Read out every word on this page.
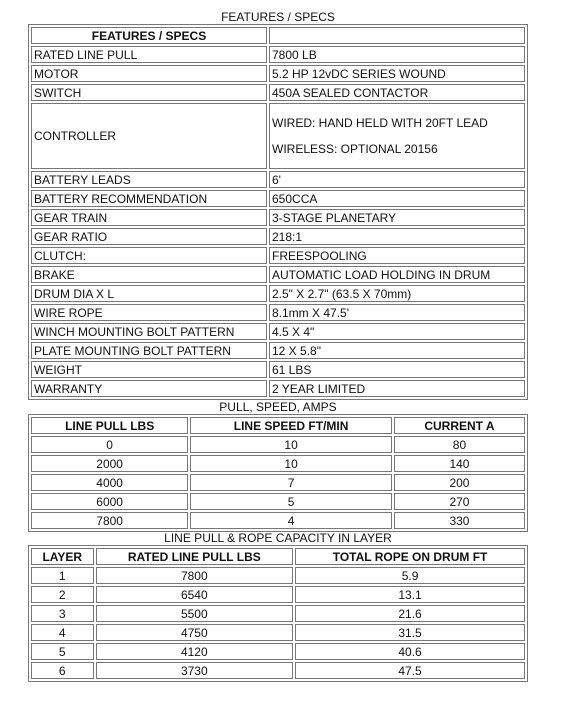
FEATURES / SPECS
FEATURES / SPECS	
RATED LINE PULL	7800 LB
MOTOR	5.2 HP 12vDC SERIES WOUND
SWITCH	450A SEALED CONTACTOR
CONTROLLER	WIRED: HAND HELD WITH 20FT LEAD
WIRELESS: OPTIONAL 20156

BATTERY LEADS	6'
BATTERY RECOMMENDATION	650CCA
GEAR TRAIN	3-STAGE PLANETARY
GEAR RATIO	218:1
CLUTCH:	FREESPOOLING
BRAKE	AUTOMATIC LOAD HOLDING IN DRUM
DRUM DIA X L	2.5" X 2.7" (63.5 X 70mm)
WIRE ROPE	8.1mm X 47.5'
WINCH MOUNTING BOLT PATTERN	4.5 X 4"
PLATE MOUNTING BOLT PATTERN	12 X 5.8"
WEIGHT	61 LBS
WARRANTY	2 YEAR LIMITED
PULL, SPEED, AMPS
LINE PULL LBS	LINE SPEED FT/MIN	CURRENT A
0	10	80
2000	10	140
4000	7	200
6000	5	270
7800	4	330
LINE PULL & ROPE CAPACITY IN LAYER
LAYER	RATED LINE PULL LBS	TOTAL ROPE ON DRUM FT
1	7800	5.9
2	6540	13.1
3	5500	21.6
4	4750	31.5
5	4120	40.6
6	3730	47.5
